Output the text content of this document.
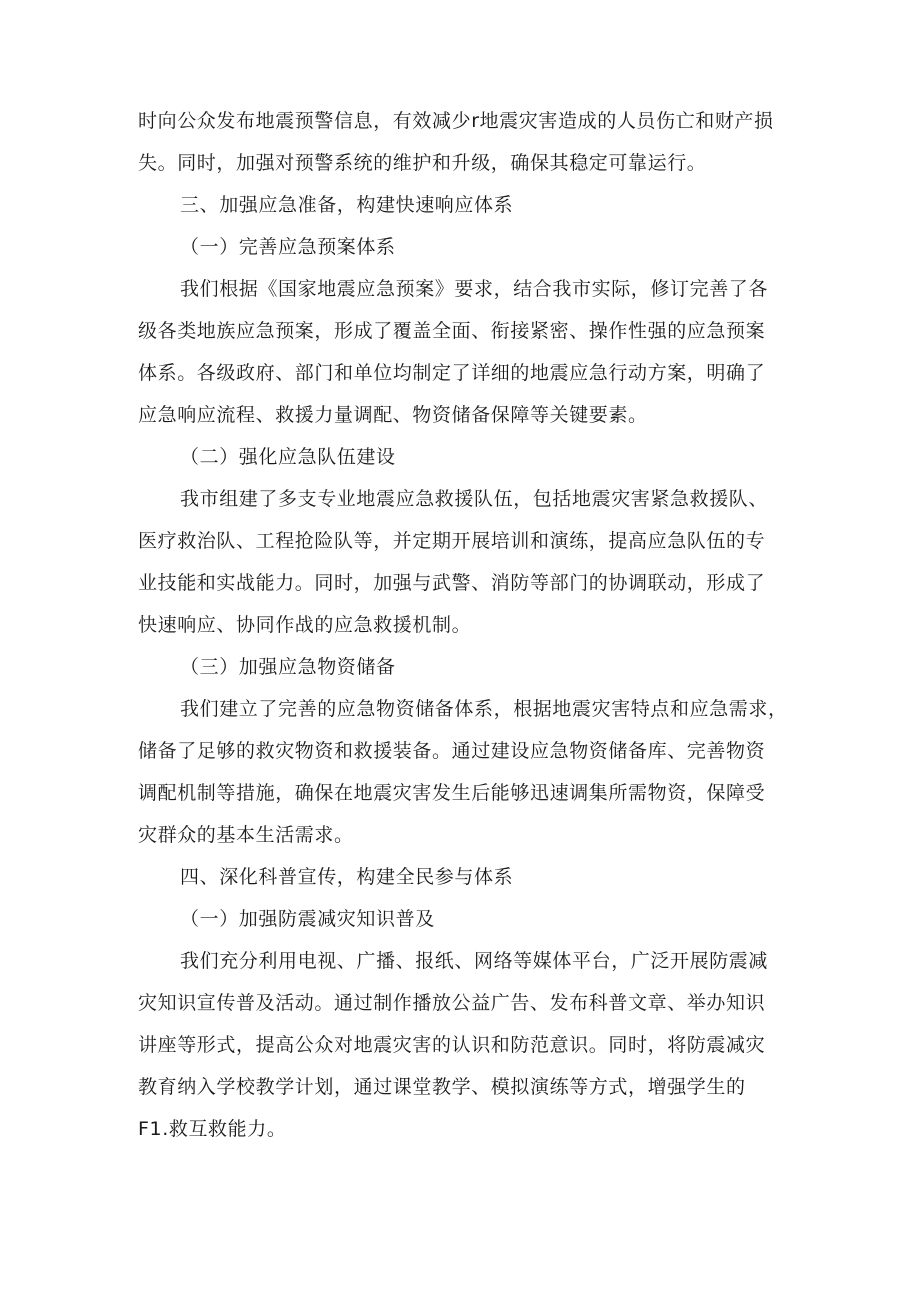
时向公众发布地震预警信息，有效减少r地震灾害造成的人员伤亡和财产损
失。同时，加强对预警系统的维护和升级，确保其稳定可靠运行。
三、加强应急准备，构建快速响应体系
（一）完善应急预案体系
我们根据《国家地震应急预案》要求，结合我市实际，修订完善了各
级各类地族应急预案，形成了覆盖全面、衔接紧密、操作性强的应急预案
体系。各级政府、部门和单位均制定了详细的地震应急行动方案，明确了
应急响应流程、救援力量调配、物资储备保障等关键要素。
（二）强化应急队伍建设
我市组建了多支专业地震应急救援队伍，包括地震灾害紧急救援队、
医疗救治队、工程抢险队等，并定期开展培训和演练，提高应急队伍的专
业技能和实战能力。同时，加强与武警、消防等部门的协调联动，形成了
快速响应、协同作战的应急救援机制。
（三）加强应急物资储备
我们建立了完善的应急物资储备体系，根据地震灾害特点和应急需求，
储备了足够的救灾物资和救援装备。通过建设应急物资储备库、完善物资
调配机制等措施，确保在地震灾害发生后能够迅速调集所需物资，保障受
灾群众的基本生活需求。
四、深化科普宣传，构建全民参与体系
（一）加强防震减灾知识普及
我们充分利用电视、广播、报纸、网络等媒体平台，广泛开展防震减
灾知识宣传普及活动。通过制作播放公益广告、发布科普文章、举办知识
讲座等形式，提高公众对地震灾害的认识和防范意识。同时，将防震减灾
教育纳入学校教学计划，通过课堂教学、模拟演练等方式，增强学生的
F1.救互救能力。
